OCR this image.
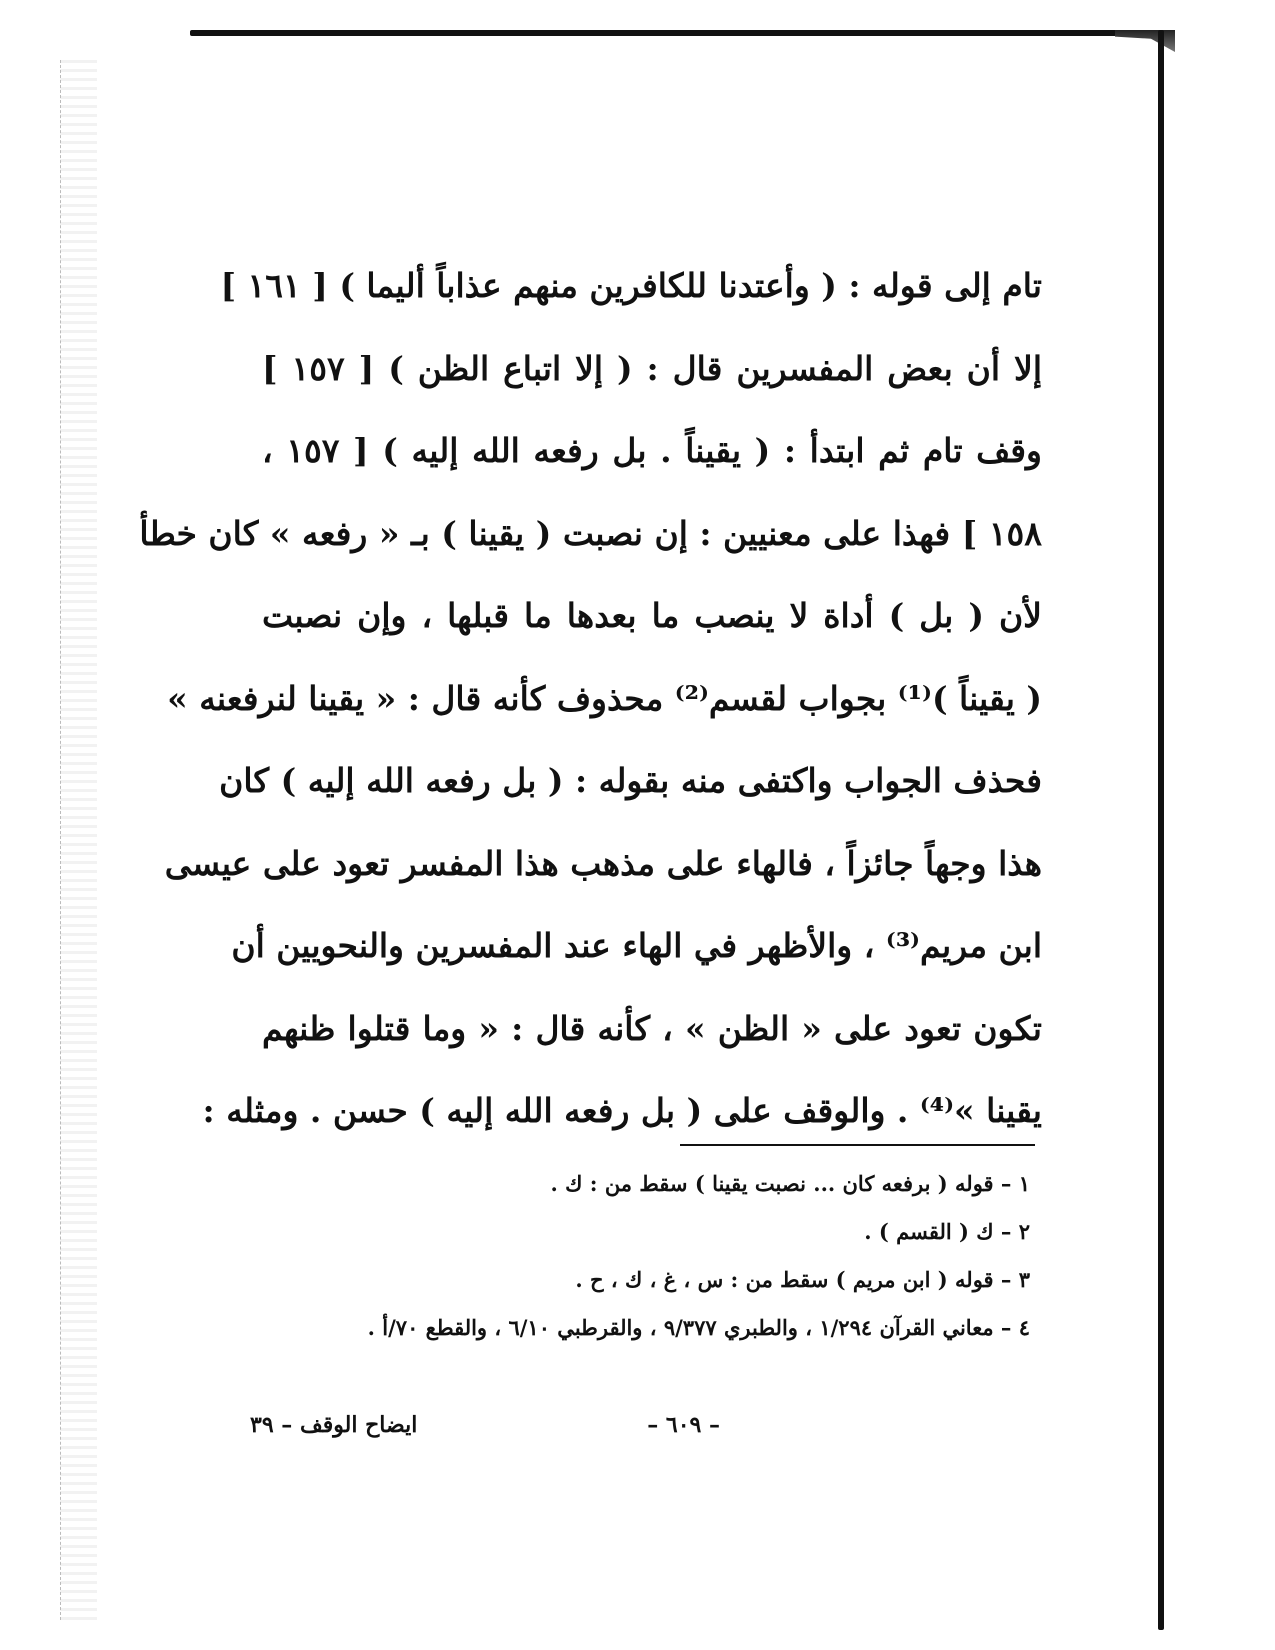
تام إلى قوله : ( وأعتدنا للكافرين منهم عذاباً أليما ) [ ١٦١ ]
إلا أن بعض المفسرين قال : ( إلا اتباع الظن ) [ ١٥٧ ]
وقف تام ثم ابتدأ : ( يقيناً . بل رفعه الله إليه ) [ ١٥٧ ،
١٥٨ ] فهذا على معنيين : إن نصبت ( يقينا ) بـ « رفعه » كان خطأ
لأن ( بل ) أداة لا ينصب ما بعدها ما قبلها ، وإن نصبت
( يقيناً )⁽¹⁾ بجواب لقسم⁽²⁾ محذوف كأنه قال : « يقينا لنرفعنه »
فحذف الجواب واكتفى منه بقوله : ( بل رفعه الله إليه ) كان
هذا وجهاً جائزاً ، فالهاء على مذهب هذا المفسر تعود على عيسى
ابن مريم⁽³⁾ ، والأظهر في الهاء عند المفسرين والنحويين أن
تكون تعود على « الظن » ، كأنه قال : « وما قتلوا ظنهم
يقينا »⁽⁴⁾ . والوقف على ( بل رفعه الله إليه ) حسن . ومثله :
١ – قوله ( برفعه كان ... نصبت يقينا ) سقط من : ك .
٢ – ك ( القسم ) .
٣ – قوله ( ابن مريم ) سقط من : س ، غ ، ك ، ح .
٤ – معاني القرآن ١/٢٩٤ ، والطبري ٩/٣٧٧ ، والقرطبي ٦/١٠ ، والقطع ٧٠/أ .
– ٦٠٩ –
ايضاح الوقف – ٣٩
